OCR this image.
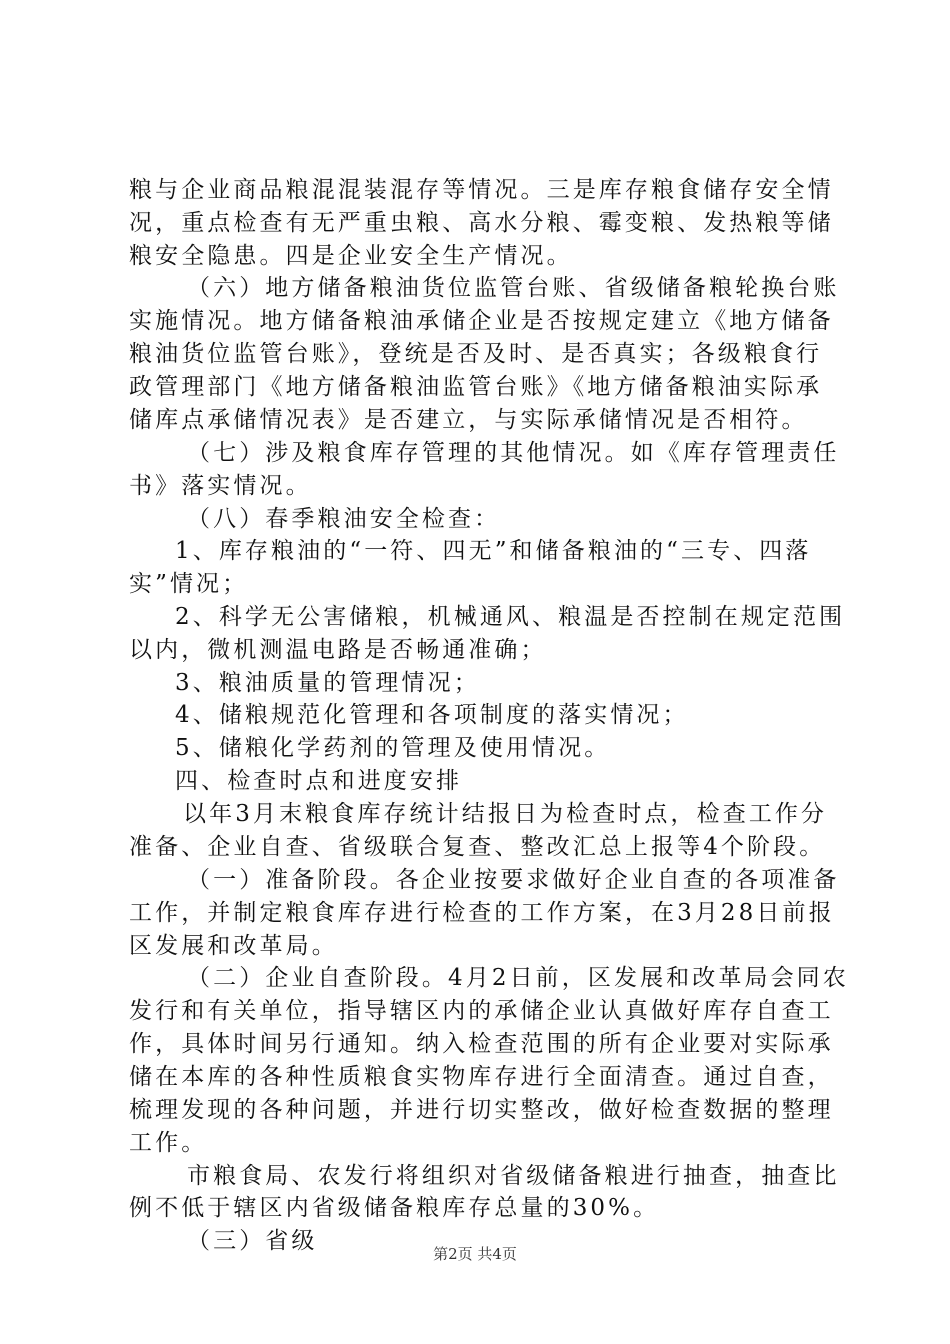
粮与企业商品粮混混装混存等情况。三是库存粮食储存安全情
况，重点检查有无严重虫粮、高水分粮、霉变粮、发热粮等储
粮安全隐患。四是企业安全生产情况。
（六）地方储备粮油货位监管台账、省级储备粮轮换台账
实施情况。地方储备粮油承储企业是否按规定建立《地方储备
粮油货位监管台账》，登统是否及时、是否真实；各级粮食行
政管理部门《地方储备粮油监管台账》《地方储备粮油实际承
储库点承储情况表》是否建立，与实际承储情况是否相符。
（七）涉及粮食库存管理的其他情况。如《库存管理责任
书》落实情况。
（八）春季粮油安全检查：
1、库存粮油的“一符、四无”和储备粮油的“三专、四落
实”情况；
2、科学无公害储粮，机械通风、粮温是否控制在规定范围
以内，微机测温电路是否畅通准确；
3、粮油质量的管理情况；
4、储粮规范化管理和各项制度的落实情况；
5、储粮化学药剂的管理及使用情况。
四、检查时点和进度安排
以年3月末粮食库存统计结报日为检查时点，检查工作分
准备、企业自查、省级联合复查、整改汇总上报等4个阶段。
（一）准备阶段。各企业按要求做好企业自查的各项准备
工作，并制定粮食库存进行检查的工作方案，在3月28日前报
区发展和改革局。
（二）企业自查阶段。4月2日前，区发展和改革局会同农
发行和有关单位，指导辖区内的承储企业认真做好库存自查工
作，具体时间另行通知。纳入检查范围的所有企业要对实际承
储在本库的各种性质粮食实物库存进行全面清查。通过自查，
梳理发现的各种问题，并进行切实整改，做好检查数据的整理
工作。
市粮食局、农发行将组织对省级储备粮进行抽查，抽查比
例不低于辖区内省级储备粮库存总量的30%。
（三）省级	第2页 共4页
